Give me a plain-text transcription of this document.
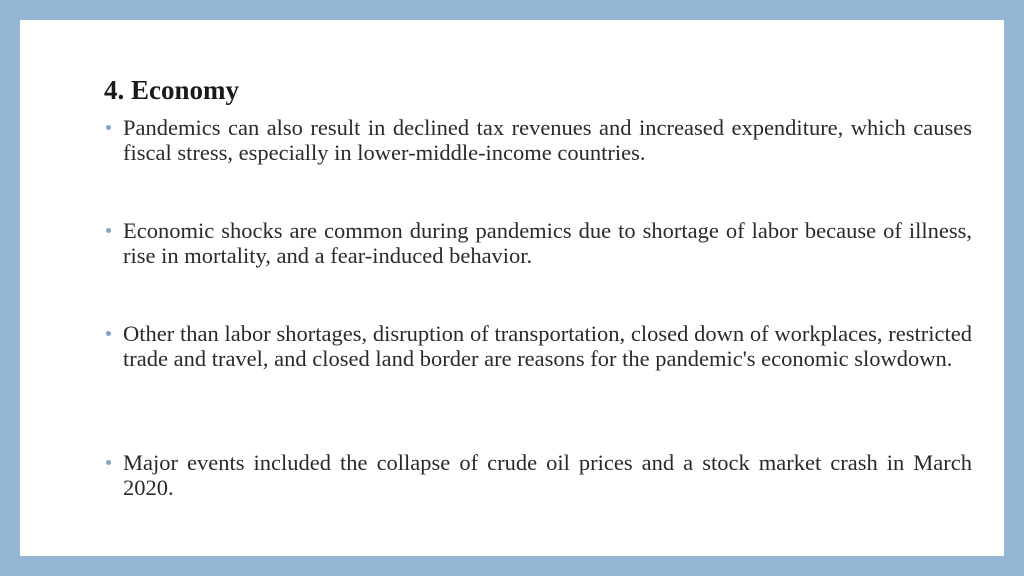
4. Economy
Pandemics can also result in declined tax revenues and increased expenditure, which causes fiscal stress, especially in lower-middle-income countries.
Economic shocks are common during pandemics due to shortage of labor because of illness, rise in mortality, and a fear-induced behavior.
Other than labor shortages, disruption of transportation, closed down of workplaces, restricted trade and travel, and closed land border are reasons for the pandemic's economic slowdown.
Major events included the collapse of crude oil prices and a stock market crash in March 2020.
